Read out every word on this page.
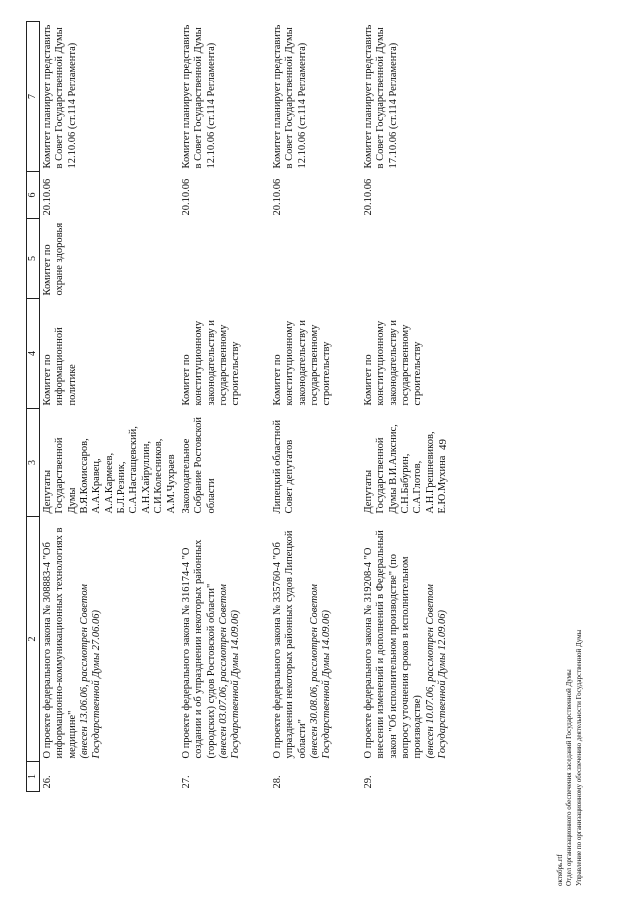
49
1	2	3	4	5	6	7
26.	О проекте федерального закона № 308883-4 "Об информационно-коммуникационных технологиях в медицине" (внесен 13.06.06, рассмотрен Советом Государственной Думы 27.06.06)	Депутаты Государственной Думы В.Я.Комиссаров, А.А.Кравец, А.А.Кармеев, Б.Л.Резник, С.А.Настащевский, А.Н.Хайруллин, С.И.Колесников, А.М.Чухраев	Комитет по информационной политике	Комитет по охране здоровья	20.10.06	Комитет планирует представить в Совет Государственной Думы 12.10.06 (ст.114 Регламента)
27.	О проекте федерального закона № 316174-4 "О создании и об упразднении некоторых районных (городских) судов Ростовской области" (внесен 03.07.06, рассмотрен Советом Государственной Думы 14.09.06)	Законодательное Собрание Ростовской области	Комитет по конституционному законодательству и государственному строительству		20.10.06	Комитет планирует представить в Совет Государственной Думы 12.10.06 (ст.114 Регламента)
28.	О проекте федерального закона № 335760-4 "Об упразднении некоторых районных судов Липецкой области" (внесен 30.08.06, рассмотрен Советом Государственной Думы 14.09.06)	Липецкий областной Совет депутатов	Комитет по конституционному законодательству и государственному строительству		20.10.06	Комитет планирует представить в Совет Государственной Думы 12.10.06 (ст.114 Регламента)
29.	О проекте федерального закона № 319208-4 "О внесении изменений и дополнений в Федеральный закон "Об исполнительном производстве" (по вопросу уточнения сроков в исполнительном производстве) (внесен 10.07.06, рассмотрен Советом Государственной Думы 12.09.06)	Депутаты Государственной Думы В.И.Алкснис, С.Н.Бабурин, С.А.Глотов, А.Н.Грешневиков, Е.Ю.Мухина	Комитет по конституционному законодательству и государственному строительству		20.10.06	Комитет планирует представить в Совет Государственной Думы 17.10.06 (ст.114 Регламента)
октябрь.rtf Отдел организационного обеспечения заседаний Государственной Думы Управление по организационному обеспечению деятельности Государственной Думы
